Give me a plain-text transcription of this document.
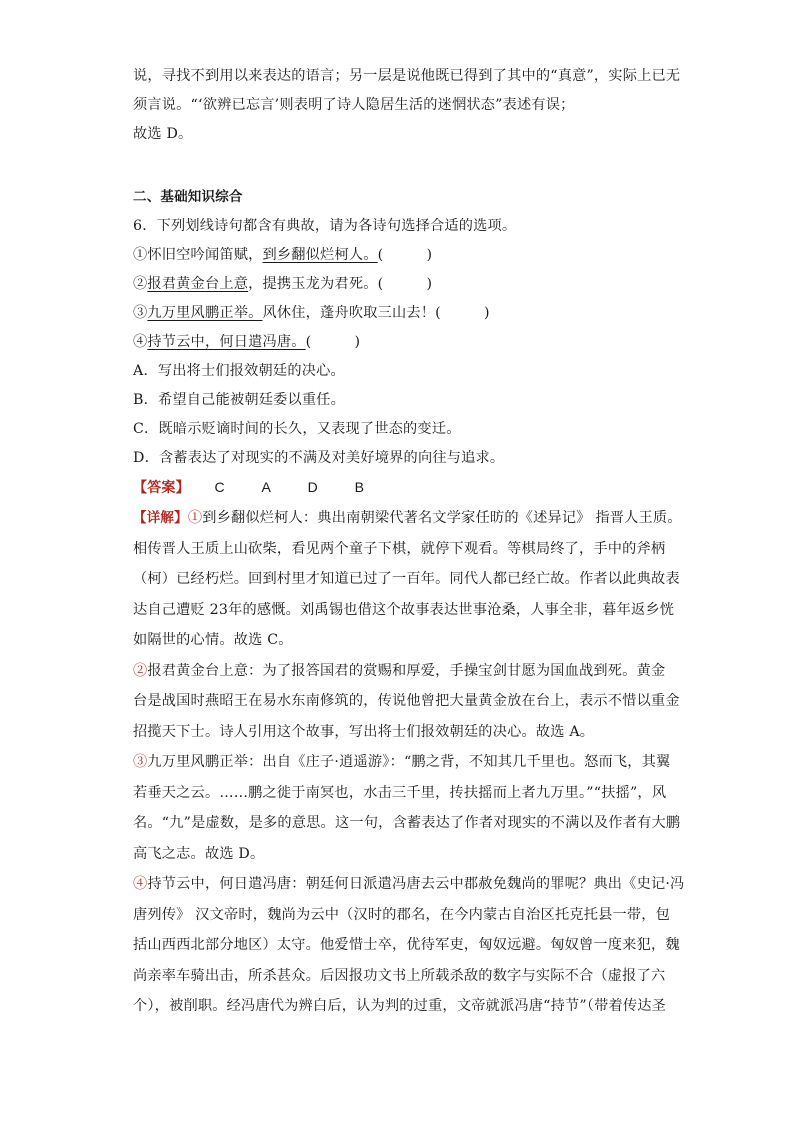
说，寻找不到用以来表达的语言；另一层是说他既已得到了其中的“真意”，实际上已无
须言说。“‘欲辨已忘言’则表明了诗人隐居生活的迷惘状态”表述有误；
故选 D。
二、基础知识综合
6．下列划线诗句都含有典故，请为各诗句选择合适的选项。
①怀旧空吟闻笛赋，到乡翻似烂柯人。(　　　)
②报君黄金台上意，提携玉龙为君死。(　　　)
③九万里风鹏正举。风休住，蓬舟吹取三山去！(　　　)
④持节云中，何日遣冯唐。(　　　)
A．写出将士们报效朝廷的决心。
B．希望自己能被朝廷委以重任。
C．既暗示贬谪时间的长久，又表现了世态的变迁。
D．含蓄表达了对现实的不满及对美好境界的向往与追求。
【答案】 C	A	D	B
【详解】①到乡翻似烂柯人：典出南朝梁代著名文学家任昉的《述异记》 指晋人王质。
相传晋人王质上山砍柴，看见两个童子下棋，就停下观看。等棋局终了，手中的斧柄
（柯）已经朽烂。回到村里才知道已过了一百年。同代人都已经亡故。作者以此典故表
达自己遭贬 23年的感慨。刘禹锡也借这个故事表达世事沧桑，人事全非，暮年返乡恍
如隔世的心情。故选 C。
②报君黄金台上意：为了报答国君的赏赐和厚爱，手操宝剑甘愿为国血战到死。黄金
台是战国时燕昭王在易水东南修筑的，传说他曾把大量黄金放在台上，表示不惜以重金
招揽天下士。诗人引用这个故事，写出将士们报效朝廷的决心。故选 A。
③九万里风鹏正举：出自《庄子·逍遥游》：“鹏之背，不知其几千里也。怒而飞，其翼
若垂天之云。……鹏之徙于南冥也，水击三千里，抟扶摇而上者九万里。”“扶摇”，风
名。“九”是虚数，是多的意思。这一句，含蓄表达了作者对现实的不满以及作者有大鹏
高飞之志。故选 D。
④持节云中，何日遣冯唐：朝廷何日派遣冯唐去云中郡赦免魏尚的罪呢？典出《史记·冯
唐列传》 汉文帝时，魏尚为云中（汉时的郡名，在今内蒙古自治区托克托县一带，包
括山西西北部分地区）太守。他爱惜士卒，优待军吏，匈奴远避。匈奴曾一度来犯，魏
尚亲率车骑出击，所杀甚众。后因报功文书上所载杀敌的数字与实际不合（虚报了六
个），被削职。经冯唐代为辨白后，认为判的过重，文帝就派冯唐“持节”（带着传达圣
